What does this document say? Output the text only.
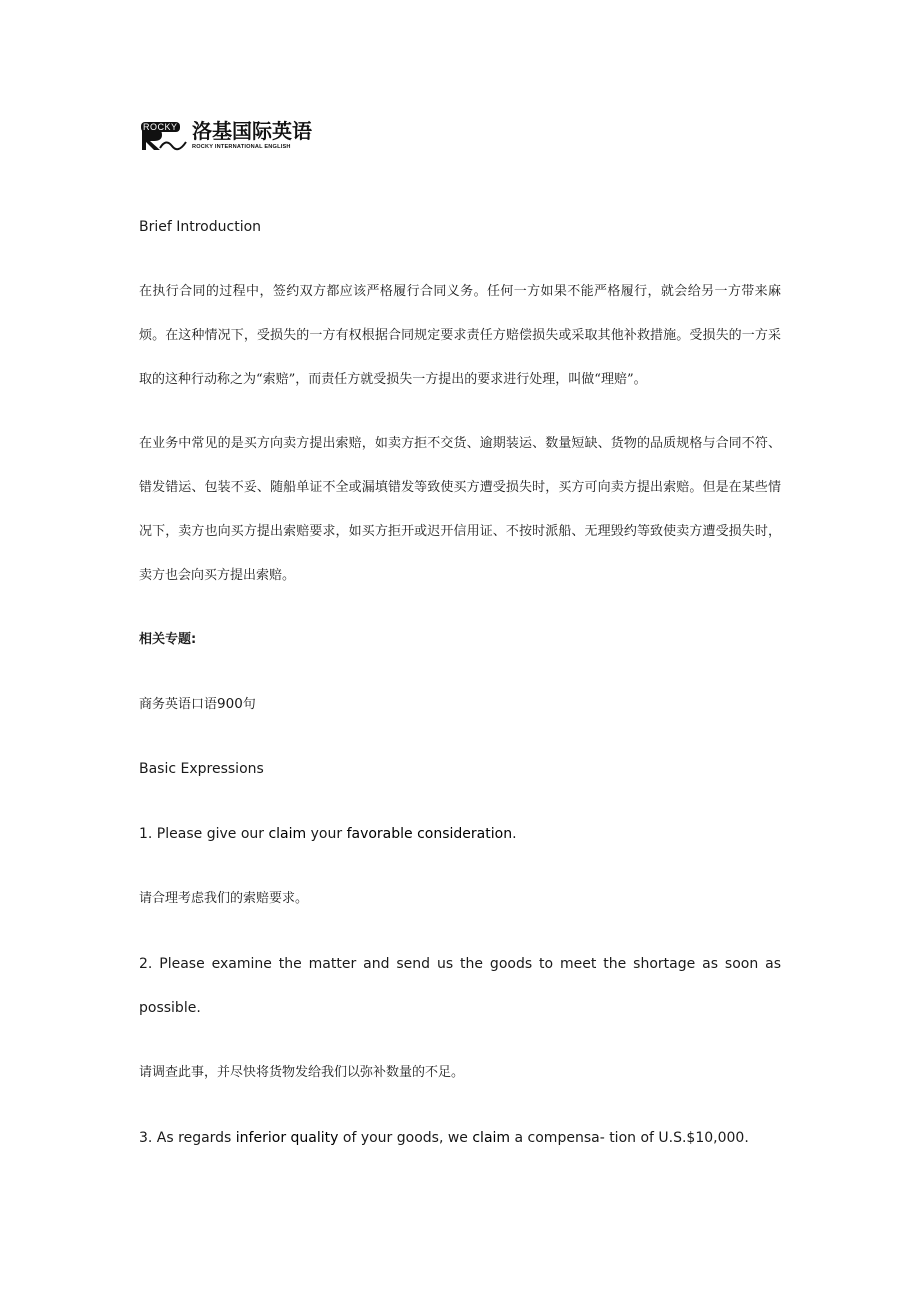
ROCKY 洛基国际英语
ROCKY INTERNATIONAL ENGLISH
Brief Introduction

在执行合同的过程中，签约双方都应该严格履行合同义务。任何一方如果不能严格履行，就会给另一方带来麻烦。在这种情况下，受损失的一方有权根据合同规定要求责任方赔偿损失或采取其他补救措施。受损失的一方采取的这种行动称之为“索赔”，而责任方就受损失一方提出的要求进行处理，叫做“理赔”。

在业务中常见的是买方向卖方提出索赔，如卖方拒不交货、逾期装运、数量短缺、货物的品质规格与合同不符、错发错运、包装不妥、随船单证不全或漏填错发等致使买方遭受损失时，买方可向卖方提出索赔。但是在某些情况下，卖方也向买方提出索赔要求，如买方拒开或迟开信用证、不按时派船、无理毁约等致使卖方遭受损失时，卖方也会向买方提出索赔。

相关专题:
商务英语口语900句
Basic Expressions
1. Please give our claim your favorable consideration.
请合理考虑我们的索赔要求。

2. Please examine the matter and send us the goods to meet the shortage as soon as possible.

请调查此事，并尽快将货物发给我们以弥补数量的不足。
3. As regards inferior quality of your goods, we claim a compensa- tion of U.S.$10,000.
